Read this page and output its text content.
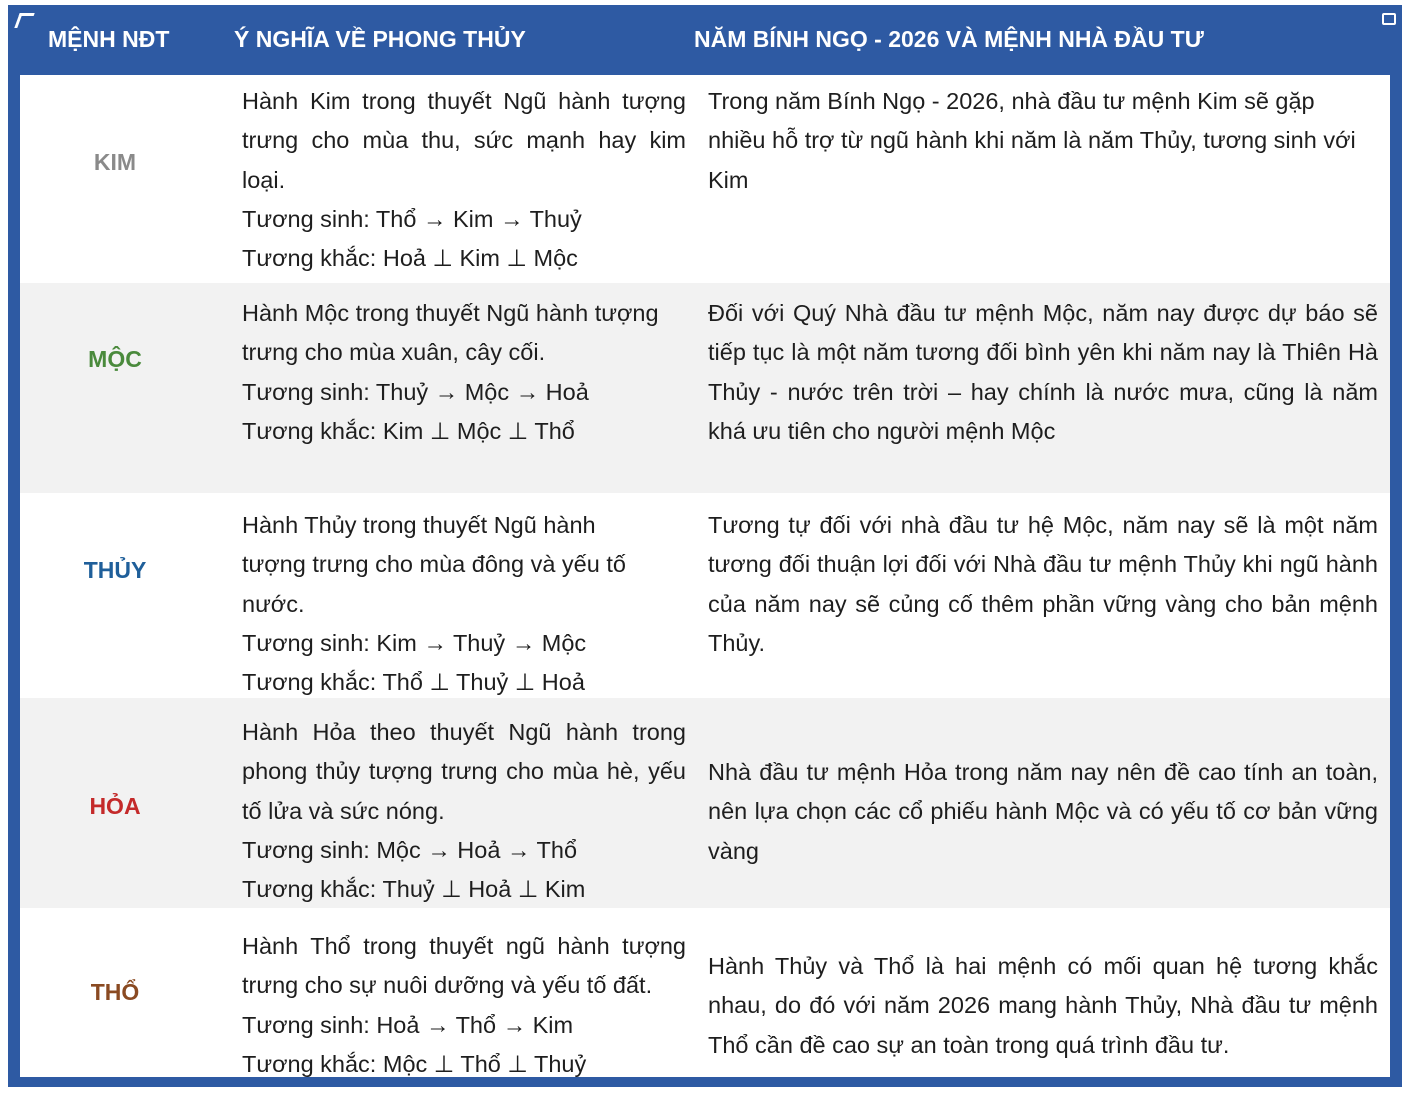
MỆNH NĐT	Ý NGHĨA VỀ PHONG THỦY	NĂM BÍNH NGỌ - 2026 VÀ MỆNH NHÀ ĐẦU TƯ
KIM
Hành Kim trong thuyết Ngũ hành tượng trưng cho mùa thu, sức mạnh hay kim loại.
Tương sinh: Thổ → Kim → Thuỷ
Tương khắc: Hoả ⊥ Kim ⊥ Mộc
Trong năm Bính Ngọ - 2026, nhà đầu tư mệnh Kim sẽ gặp nhiều hỗ trợ từ ngũ hành khi năm là năm Thủy, tương sinh với Kim
MỘC
Hành Mộc trong thuyết Ngũ hành tượng trưng cho mùa xuân, cây cối.
Tương sinh: Thuỷ → Mộc → Hoả
Tương khắc: Kim ⊥ Mộc ⊥ Thổ
Đối với Quý Nhà đầu tư mệnh Mộc, năm nay được dự báo sẽ tiếp tục là một năm tương đối bình yên khi năm nay là Thiên Hà Thủy - nước trên trời – hay chính là nước mưa, cũng là năm khá ưu tiên cho người mệnh Mộc
THỦY
Hành Thủy trong thuyết Ngũ hành tượng trưng cho mùa đông và yếu tố nước.
Tương sinh: Kim → Thuỷ → Mộc
Tương khắc: Thổ ⊥ Thuỷ ⊥ Hoả
Tương tự đối với nhà đầu tư hệ Mộc, năm nay sẽ là một năm tương đối thuận lợi đối với Nhà đầu tư mệnh Thủy khi ngũ hành của năm nay sẽ củng cố thêm phần vững vàng cho bản mệnh Thủy.
HỎA
Hành Hỏa theo thuyết Ngũ hành trong phong thủy tượng trưng cho mùa hè, yếu tố lửa và sức nóng.
Tương sinh: Mộc → Hoả → Thổ
Tương khắc: Thuỷ ⊥ Hoả ⊥ Kim
Nhà đầu tư mệnh Hỏa trong năm nay nên đề cao tính an toàn, nên lựa chọn các cổ phiếu hành Mộc và có yếu tố cơ bản vững vàng
THỔ
Hành Thổ trong thuyết ngũ hành tượng trưng cho sự nuôi dưỡng và yếu tố đất.
Tương sinh: Hoả → Thổ → Kim
Tương khắc: Mộc ⊥ Thổ ⊥ Thuỷ
Hành Thủy và Thổ là hai mệnh có mối quan hệ tương khắc nhau, do đó với năm 2026 mang hành Thủy, Nhà đầu tư mệnh Thổ cần đề cao sự an toàn trong quá trình đầu tư.
